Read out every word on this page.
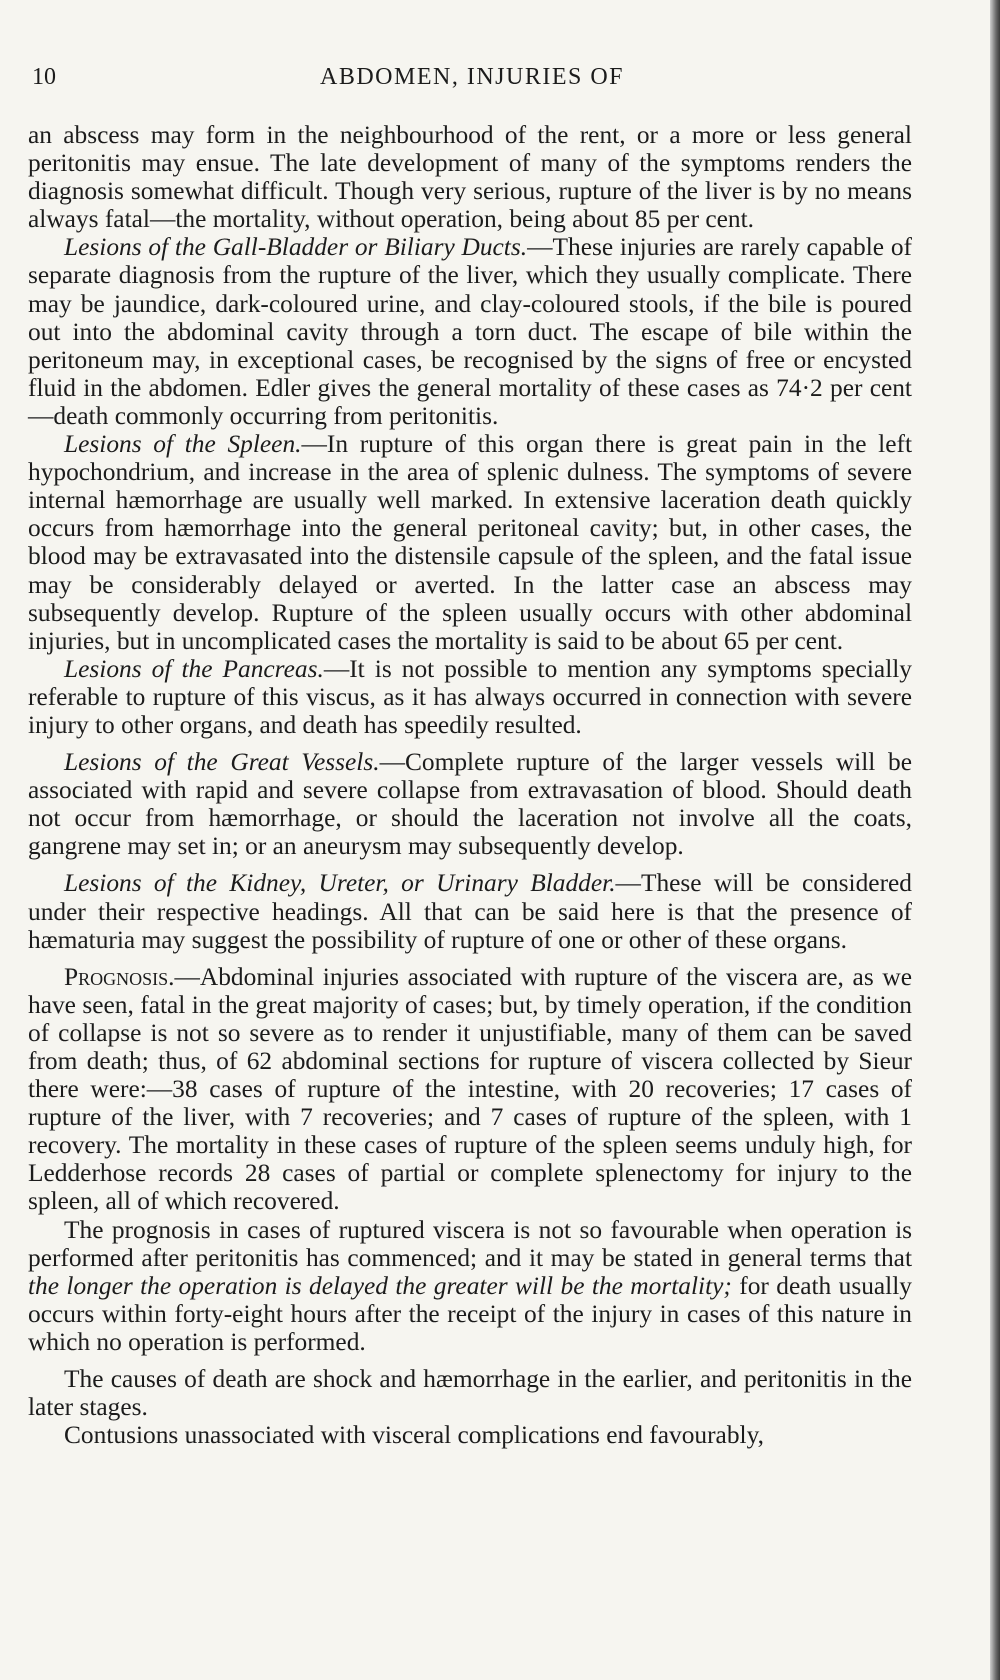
10	ABDOMEN, INJURIES OF

an abscess may form in the neighbourhood of the rent, or a more or less general peritonitis may ensue. The late development of many of the symptoms renders the diagnosis somewhat difficult. Though very serious, rupture of the liver is by no means always fatal—the mortality, without operation, being about 85 per cent.

Lesions of the Gall-Bladder or Biliary Ducts.—These injuries are rarely capable of separate diagnosis from the rupture of the liver, which they usually complicate. There may be jaundice, dark-coloured urine, and clay-coloured stools, if the bile is poured out into the abdominal cavity through a torn duct. The escape of bile within the peritoneum may, in exceptional cases, be recognised by the signs of free or encysted fluid in the abdomen. Edler gives the general mortality of these cases as 74·2 per cent—death commonly occurring from peritonitis.

Lesions of the Spleen.—In rupture of this organ there is great pain in the left hypochondrium, and increase in the area of splenic dulness. The symptoms of severe internal hæmorrhage are usually well marked. In extensive laceration death quickly occurs from hæmorrhage into the general peritoneal cavity; but, in other cases, the blood may be extravasated into the distensile capsule of the spleen, and the fatal issue may be considerably delayed or averted. In the latter case an abscess may subsequently develop. Rupture of the spleen usually occurs with other abdominal injuries, but in uncomplicated cases the mortality is said to be about 65 per cent.

Lesions of the Pancreas.—It is not possible to mention any symptoms specially referable to rupture of this viscus, as it has always occurred in connection with severe injury to other organs, and death has speedily resulted.

Lesions of the Great Vessels.—Complete rupture of the larger vessels will be associated with rapid and severe collapse from extravasation of blood. Should death not occur from hæmorrhage, or should the laceration not involve all the coats, gangrene may set in; or an aneurysm may subsequently develop.

Lesions of the Kidney, Ureter, or Urinary Bladder.—These will be considered under their respective headings. All that can be said here is that the presence of hæmaturia may suggest the possibility of rupture of one or other of these organs.

Prognosis.—Abdominal injuries associated with rupture of the viscera are, as we have seen, fatal in the great majority of cases; but, by timely operation, if the condition of collapse is not so severe as to render it unjustifiable, many of them can be saved from death; thus, of 62 abdominal sections for rupture of viscera collected by Sieur there were:—38 cases of rupture of the intestine, with 20 recoveries; 17 cases of rupture of the liver, with 7 recoveries; and 7 cases of rupture of the spleen, with 1 recovery. The mortality in these cases of rupture of the spleen seems unduly high, for Ledderhose records 28 cases of partial or complete splenectomy for injury to the spleen, all of which recovered.

The prognosis in cases of ruptured viscera is not so favourable when operation is performed after peritonitis has commenced; and it may be stated in general terms that the longer the operation is delayed the greater will be the mortality; for death usually occurs within forty-eight hours after the receipt of the injury in cases of this nature in which no operation is performed.

The causes of death are shock and hæmorrhage in the earlier, and peritonitis in the later stages.

Contusions unassociated with visceral complications end favourably,
